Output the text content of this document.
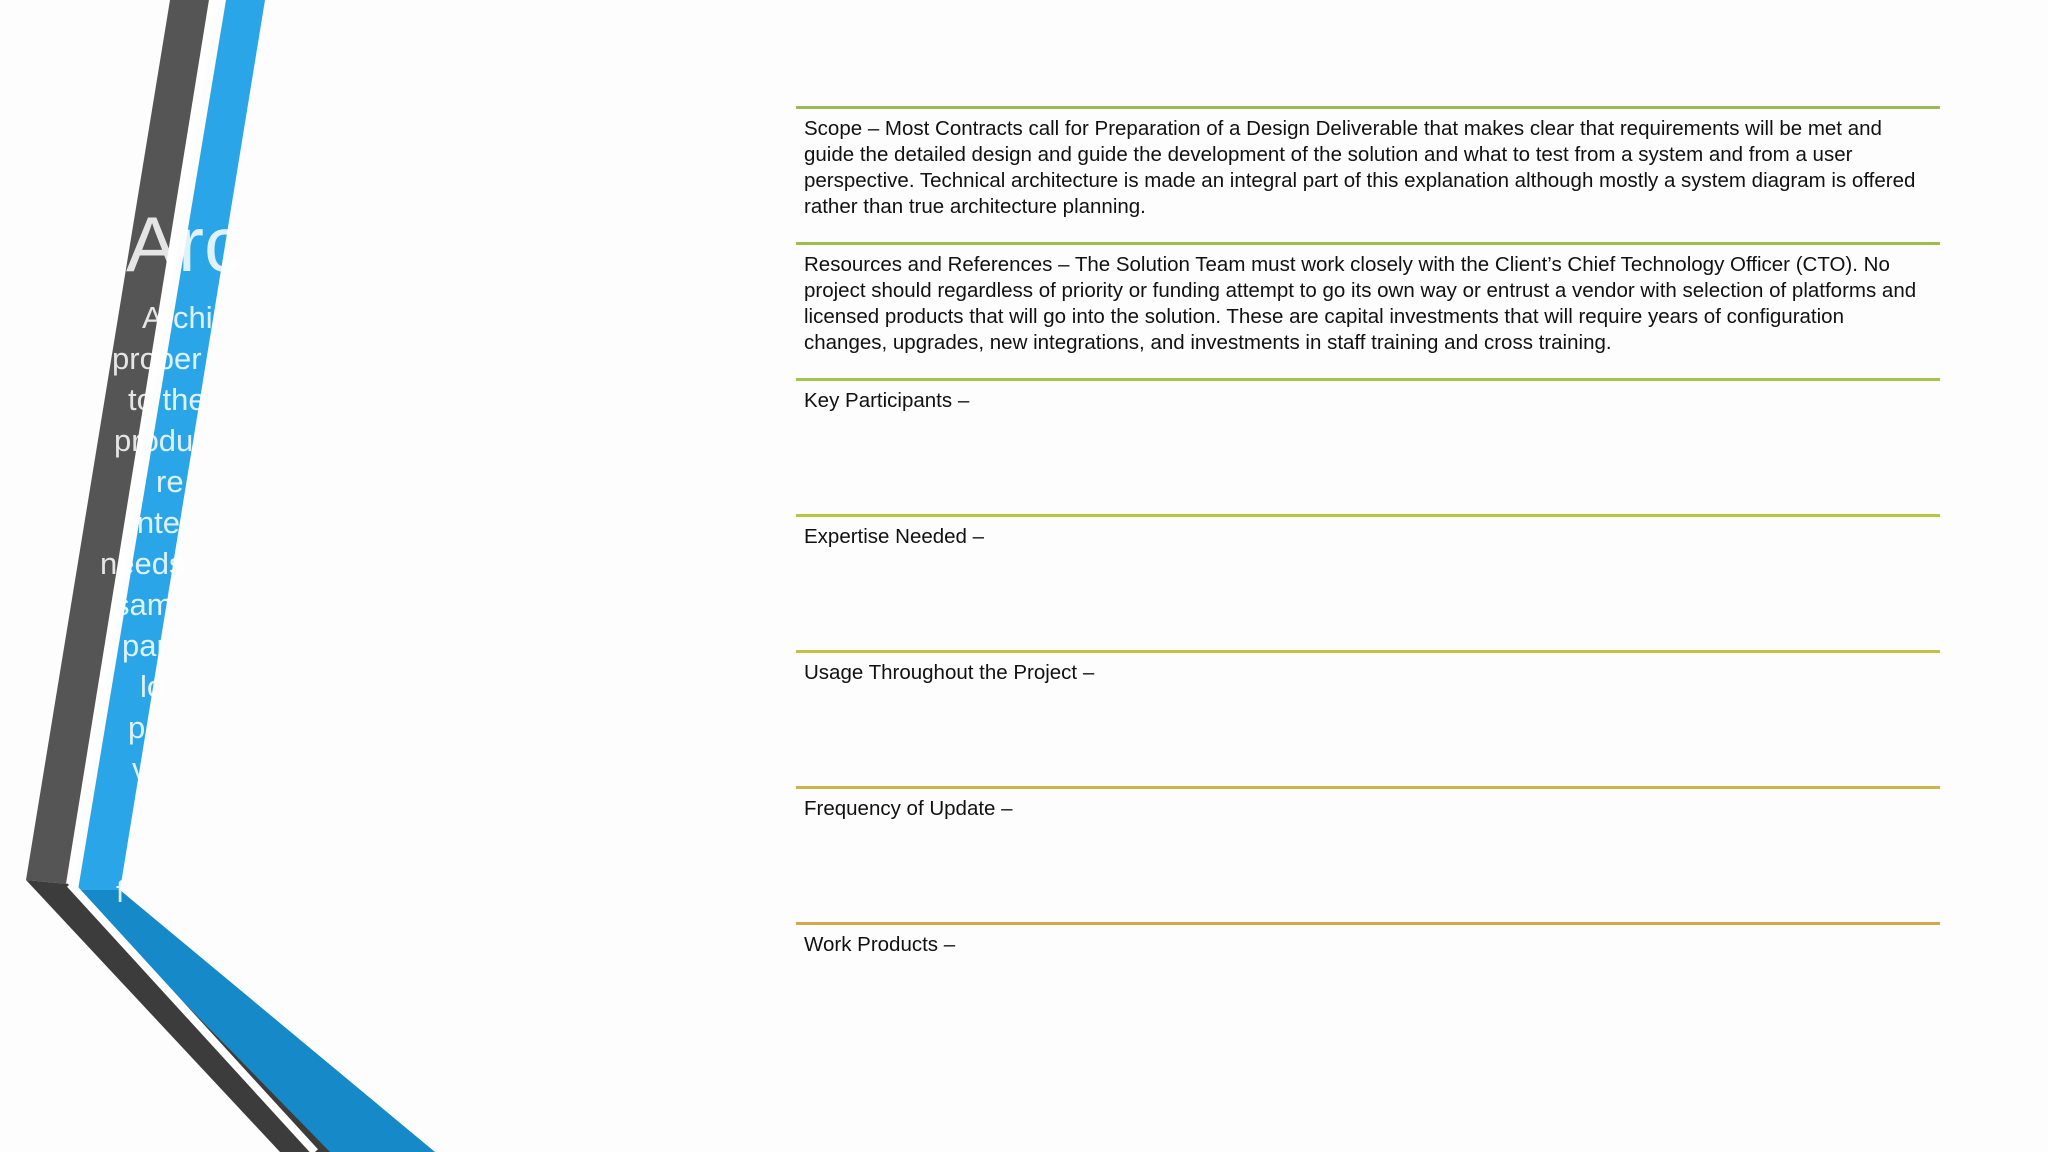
Arc
Archi
proper
to the
produ
re
inte
needs
sam
par
lo
p
v
f
Scope – Most Contracts call for Preparation of a Design Deliverable that makes clear that requirements will be met and guide the detailed design and guide the development of the solution and what to test from a system and from a user perspective. Technical architecture is made an integral part of this explanation although mostly a system diagram is offered rather than true architecture planning.
Resources and References – The Solution Team must work closely with the Client’s Chief Technology Officer (CTO). No project should regardless of priority or funding attempt to go its own way or entrust a vendor with selection of platforms and licensed products that will go into the solution. These are capital investments that will require years of configuration changes, upgrades, new integrations, and investments in staff training and cross training.
Key Participants –
Expertise Needed –
Usage Throughout the Project –
Frequency of Update –
Work Products –
